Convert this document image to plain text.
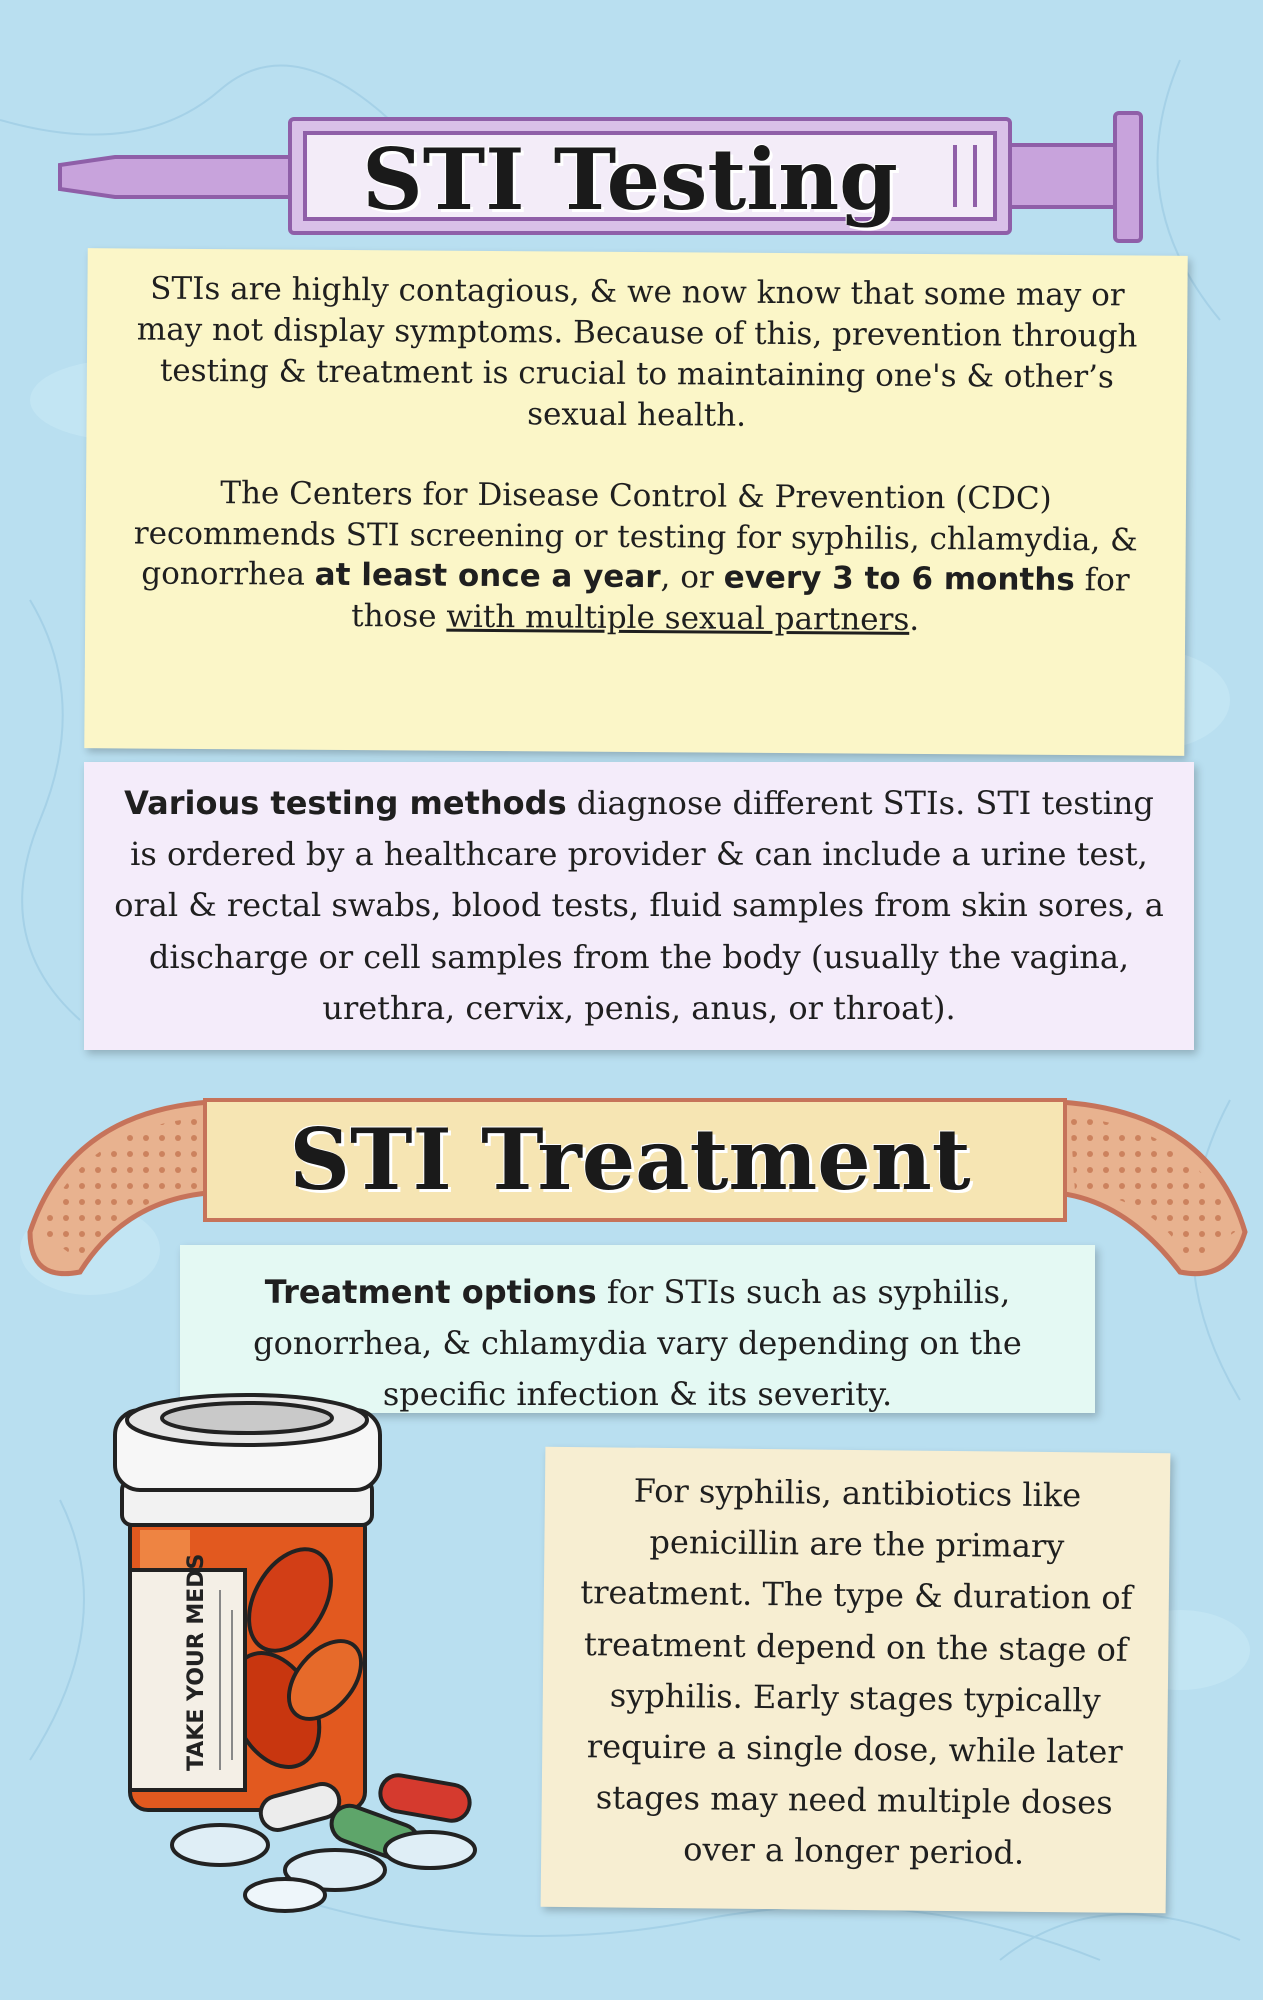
STI Testing

STIs are highly contagious, & we now know that some may or may not display symptoms. Because of this, prevention through testing & treatment is crucial to maintaining one's & other’s sexual health.

The Centers for Disease Control & Prevention (CDC) recommends STI screening or testing for syphilis, chlamydia, & gonorrhea at least once a year, or every 3 to 6 months for those with multiple sexual partners.

Various testing methods diagnose different STIs. STI testing is ordered by a healthcare provider & can include a urine test, oral & rectal swabs, blood tests, fluid samples from skin sores, a discharge or cell samples from the body (usually the vagina, urethra, cervix, penis, anus, or throat).

STI Treatment

Treatment options for STIs such as syphilis, gonorrhea, & chlamydia vary depending on the specific infection & its severity.

For syphilis, antibiotics like penicillin are the primary treatment. The type & duration of treatment depend on the stage of syphilis. Early stages typically require a single dose, while later stages may need multiple doses over a longer period.

TAKE YOUR MEDS
